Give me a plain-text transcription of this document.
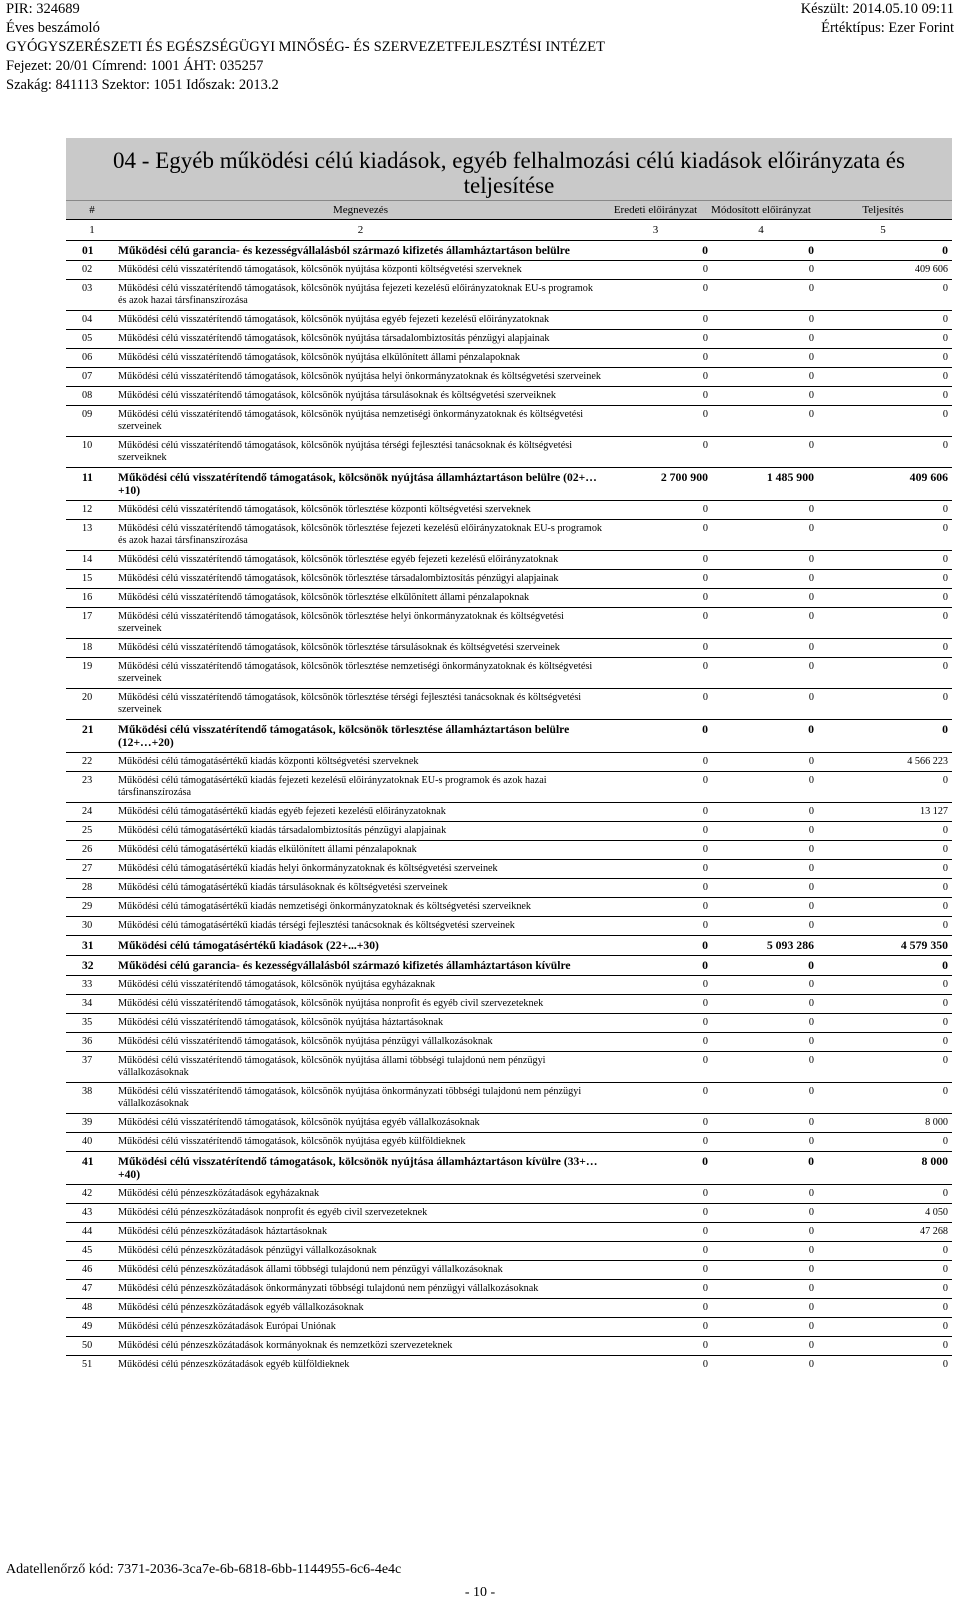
PIR: 324689
Éves beszámoló
GYÓGYSZERÉSZETI ÉS EGÉSZSÉGÜGYI MINŐSÉG- ÉS SZERVEZETFEJLESZTÉSI INTÉZET
Fejezet: 20/01 Címrend: 1001 ÁHT: 035257
Szakág: 841113 Szektor: 1051 Időszak: 2013.2
Készült: 2014.05.10 09:11
Értéktípus: Ezer Forint
04 - Egyéb működési célú kiadások, egyéb felhalmozási célú kiadások előirányzata és teljesítése				
#	Megnevezés	Eredeti előirányzat	Módosított előirányzat	Teljesítés
1	2	3	4	5
01	Működési célú garancia- és kezességvállalásból származó kifizetés államháztartáson belülre	0	0	0
02	Működési célú visszatérítendő támogatások, kölcsönök nyújtása központi költségvetési szerveknek	0	0	409 606
03	Működési célú visszatérítendő támogatások, kölcsönök nyújtása fejezeti kezelésű előirányzatoknak EU-s programok és azok hazai társfinanszírozása	0	0	0
04	Működési célú visszatérítendő támogatások, kölcsönök nyújtása egyéb fejezeti kezelésű előirányzatoknak	0	0	0
05	Működési célú visszatérítendő támogatások, kölcsönök nyújtása társadalombiztosítás pénzügyi alapjainak	0	0	0
06	Működési célú visszatérítendő támogatások, kölcsönök nyújtása elkülönített állami pénzalapoknak	0	0	0
07	Működési célú visszatérítendő támogatások, kölcsönök nyújtása helyi önkormányzatoknak és költségvetési szerveinek	0	0	0
08	Működési célú visszatérítendő támogatások, kölcsönök nyújtása társulásoknak és költségvetési szerveiknek	0	0	0
09	Működési célú visszatérítendő támogatások, kölcsönök nyújtása nemzetiségi önkormányzatoknak és költségvetési szerveinek	0	0	0
10	Működési célú visszatérítendő támogatások, kölcsönök nyújtása térségi fejlesztési tanácsoknak és költségvetési szerveiknek	0	0	0
11	Működési célú visszatérítendő támogatások, kölcsönök nyújtása államháztartáson belülre (02+…+10)	2 700 900	1 485 900	409 606
12	Működési célú visszatérítendő támogatások, kölcsönök törlesztése központi költségvetési szerveknek	0	0	0
13	Működési célú visszatérítendő támogatások, kölcsönök törlesztése fejezeti kezelésű előirányzatoknak EU-s programok és azok hazai társfinanszírozása	0	0	0
14	Működési célú visszatérítendő támogatások, kölcsönök törlesztése egyéb fejezeti kezelésű előirányzatoknak	0	0	0
15	Működési célú visszatérítendő támogatások, kölcsönök törlesztése társadalombiztosítás pénzügyi alapjainak	0	0	0
16	Működési célú visszatérítendő támogatások, kölcsönök törlesztése elkülönített állami pénzalapoknak	0	0	0
17	Működési célú visszatérítendő támogatások, kölcsönök törlesztése helyi önkormányzatoknak és költségvetési szerveinek	0	0	0
18	Működési célú visszatérítendő támogatások, kölcsönök törlesztése társulásoknak és költségvetési szerveinek	0	0	0
19	Működési célú visszatérítendő támogatások, kölcsönök törlesztése nemzetiségi önkormányzatoknak és költségvetési szerveinek	0	0	0
20	Működési célú visszatérítendő támogatások, kölcsönök törlesztése térségi fejlesztési tanácsoknak és költségvetési szerveinek	0	0	0
21	Működési célú visszatérítendő támogatások, kölcsönök törlesztése államháztartáson belülre (12+…+20)	0	0	0
22	Működési célú támogatásértékű kiadás központi költségvetési szerveknek	0	0	4 566 223
23	Működési célú támogatásértékű kiadás fejezeti kezelésű előirányzatoknak EU-s programok és azok hazai társfinanszírozása	0	0	0
24	Működési célú támogatásértékű kiadás egyéb fejezeti kezelésű előirányzatoknak	0	0	13 127
25	Működési célú támogatásértékű kiadás társadalombiztosítás pénzügyi alapjainak	0	0	0
26	Működési célú támogatásértékű kiadás elkülönített állami pénzalapoknak	0	0	0
27	Működési célú támogatásértékű kiadás helyi önkormányzatoknak és költségvetési szerveinek	0	0	0
28	Működési célú támogatásértékű kiadás társulásoknak és költségvetési szerveinek	0	0	0
29	Működési célú támogatásértékű kiadás nemzetiségi önkormányzatoknak és költségvetési szerveiknek	0	0	0
30	Működési célú támogatásértékű kiadás térségi fejlesztési tanácsoknak és költségvetési szerveinek	0	0	0
31	Működési célú támogatásértékű kiadások (22+...+30)	0	5 093 286	4 579 350
32	Működési célú garancia- és kezességvállalásból származó kifizetés államháztartáson kívülre	0	0	0
33	Működési célú visszatérítendő támogatások, kölcsönök nyújtása egyházaknak	0	0	0
34	Működési célú visszatérítendő támogatások, kölcsönök nyújtása nonprofit és egyéb civil szervezeteknek	0	0	0
35	Működési célú visszatérítendő támogatások, kölcsönök nyújtása háztartásoknak	0	0	0
36	Működési célú visszatérítendő támogatások, kölcsönök nyújtása pénzügyi vállalkozásoknak	0	0	0
37	Működési célú visszatérítendő támogatások, kölcsönök nyújtása állami többségi tulajdonú nem pénzügyi vállalkozásoknak	0	0	0
38	Működési célú visszatérítendő támogatások, kölcsönök nyújtása önkormányzati többségi tulajdonú nem pénzügyi vállalkozásoknak	0	0	0
39	Működési célú visszatérítendő támogatások, kölcsönök nyújtása egyéb vállalkozásoknak	0	0	8 000
40	Működési célú visszatérítendő támogatások, kölcsönök nyújtása egyéb külföldieknek	0	0	0
41	Működési célú visszatérítendő támogatások, kölcsönök nyújtása államháztartáson kívülre (33+…+40)	0	0	8 000
42	Működési célú pénzeszközátadások egyházaknak	0	0	0
43	Működési célú pénzeszközátadások nonprofit és egyéb civil szervezeteknek	0	0	4 050
44	Működési célú pénzeszközátadások háztartásoknak	0	0	47 268
45	Működési célú pénzeszközátadások pénzügyi vállalkozásoknak	0	0	0
46	Működési célú pénzeszközátadások állami többségi tulajdonú nem pénzügyi vállalkozásoknak	0	0	0
47	Működési célú pénzeszközátadások önkormányzati többségi tulajdonú nem pénzügyi vállalkozásoknak	0	0	0
48	Működési célú pénzeszközátadások egyéb vállalkozásoknak	0	0	0
49	Működési célú pénzeszközátadások Európai Uniónak	0	0	0
50	Működési célú pénzeszközátadások kormányoknak és nemzetközi szervezeteknek	0	0	0
51	Működési célú pénzeszközátadások egyéb külföldieknek	0	0	0
Adatellenőrző kód: 7371-2036-3ca7e-6b-6818-6bb-1144955-6c6-4e4c
- 10 -
